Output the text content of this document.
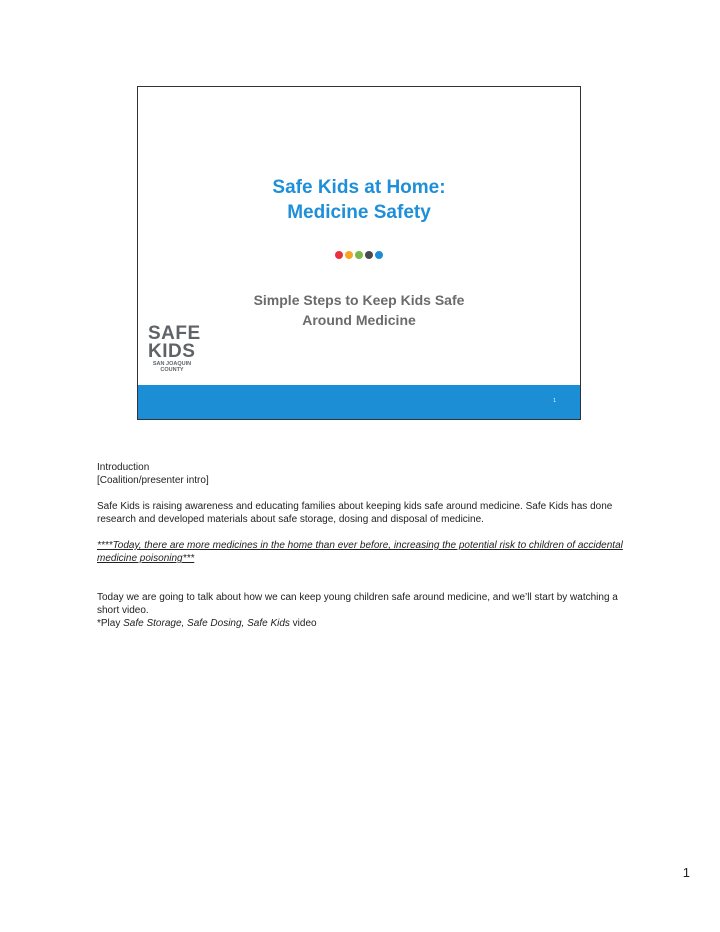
Safe Kids at Home:
Medicine Safety

Simple Steps to Keep Kids Safe
Around Medicine
SAFE
KIDS
SAN JOAQUIN
COUNTY
1

Introduction

[Coalition/presenter intro]

Safe Kids is raising awareness and educating families about keeping kids safe around medicine. Safe Kids has done research and developed materials about safe storage, dosing and disposal of medicine.

****Today, there are more medicines in the home than ever before, increasing the potential risk to children of accidental medicine poisoning***

Today we are going to talk about how we can keep young children safe around medicine, and we’ll start by watching a short video.

*Play Safe Storage, Safe Dosing, Safe Kids video

1
